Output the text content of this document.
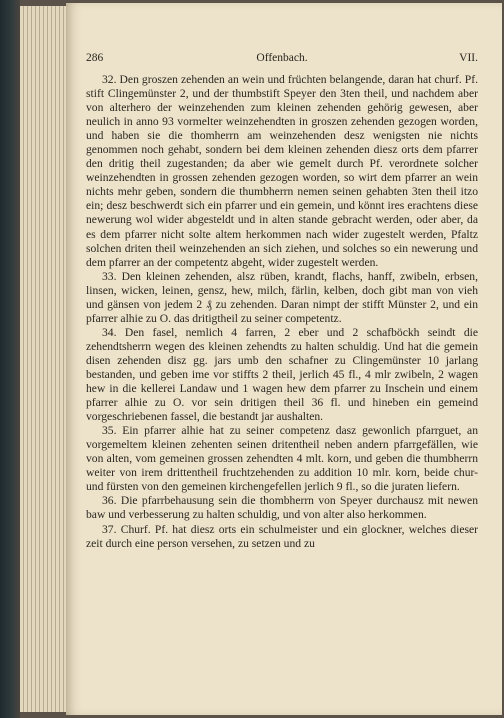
286	Offenbach.	VII.

32. Den groszen zehenden an wein und früchten belangende, daran hat churf. Pf. stift Clingemünster 2, und der thumbstift Speyer den 3ten theil, und nachdem aber von alterhero der weinzehenden zum kleinen zehenden gehörig gewesen, aber neulich in anno 93 vormelter weinzehendten in groszen zehenden gezogen worden, und haben sie die thomherrn am weinzehenden desz wenigsten nie nichts genommen noch gehabt, sondern bei dem kleinen zehenden diesz orts dem pfarrer den dritig theil zugestanden; da aber wie gemelt durch Pf. verordnete solcher weinzehendten in grossen zehenden gezogen worden, so wirt dem pfarrer an wein nichts mehr geben, sondern die thumbherrn nemen seinen gehabten 3ten theil itzo ein; desz beschwerdt sich ein pfarrer und ein gemein, und könnt ires erachtens diese newerung wol wider abgesteldt und in alten stande gebracht werden, oder aber, da es dem pfarrer nicht solte altem herkommen nach wider zugestelt werden, Pfaltz solchen driten theil weinzehenden an sich ziehen, und solches so ein newerung und dem pfarrer an der competentz abgeht, wider zugestelt werden.

33. Den kleinen zehenden, alsz rüben, krandt, flachs, hanff, zwibeln, erbsen, linsen, wicken, leinen, gensz, hew, milch, färlin, kelben, doch gibt man von vieh und gänsen von jedem 2 ₰ zu zehenden. Daran nimpt der stifft Münster 2, und ein pfarrer alhie zu O. das dritigtheil zu seiner competentz.

34. Den fasel, nemlich 4 farren, 2 eber und 2 schafböckh seindt die zehendtsherrn wegen des kleinen zehendts zu halten schuldig. Und hat die gemein disen zehenden disz gg. jars umb den schafner zu Clingemünster 10 jarlang bestanden, und geben ime vor stiffts 2 theil, jerlich 45 fl., 4 mlr zwibeln, 2 wagen hew in die kellerei Landaw und 1 wagen hew dem pfarrer zu Inschein und einem pfarrer alhie zu O. vor sein dritigen theil 36 fl. und hineben ein gemeind vorgeschriebenen fassel, die bestandt jar aushalten.

35. Ein pfarrer alhie hat zu seiner competenz dasz gewonlich pfarrguet, an vorgemeltem kleinen zehenten seinen dritentheil neben andern pfarrgefällen, wie von alten, vom gemeinen grossen zehendten 4 mlt. korn, und geben die thumbherrn weiter von irem drittentheil fruchtzehenden zu addition 10 mlr. korn, beide chur- und fürsten von den gemeinen kirchengefellen jerlich 9 fl., so die juraten liefern.

36. Die pfarrbehausung sein die thombherrn von Speyer durchausz mit newen baw und verbesserung zu halten schuldig, und von alter also herkommen.

37. Churf. Pf. hat diesz orts ein schulmeister und ein glockner, welches dieser zeit durch eine person versehen, zu setzen und zu
